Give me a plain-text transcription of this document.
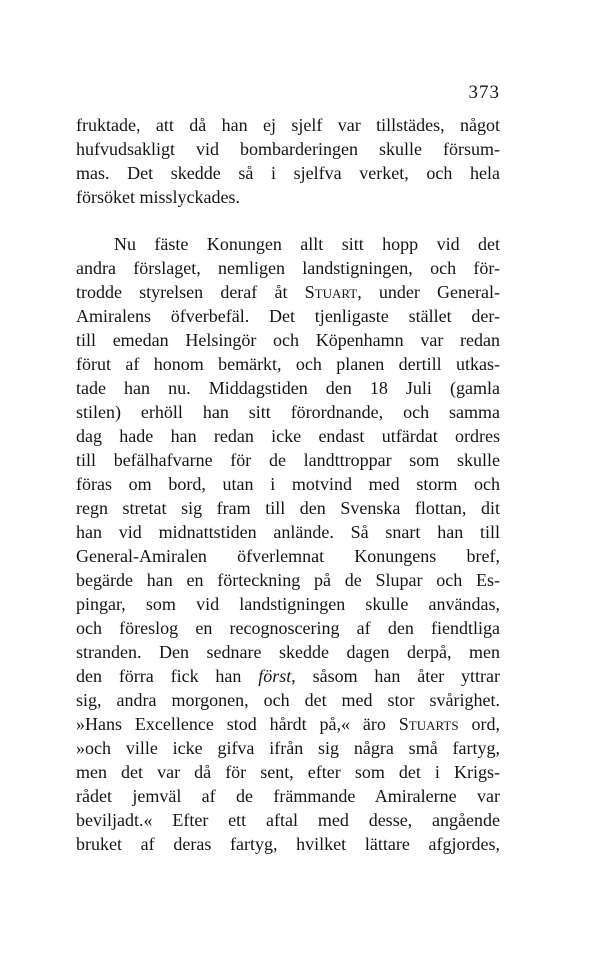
373
fruktade, att då han ej sjelf var tillstädes, något
hufvudsakligt vid bombarderingen skulle försum-
mas. Det skedde så i sjelfva verket, och hela
försöket misslyckades.
Nu fäste Konungen allt sitt hopp vid det
andra förslaget, nemligen landstigningen, och för-
trodde styrelsen deraf åt Stuart, under General-
Amiralens öfverbefäl. Det tjenligaste stället der-
till emedan Helsingör och Köpenhamn var redan
förut af honom bemärkt, och planen dertill utkas-
tade han nu. Middagstiden den 18 Juli (gamla
stilen) erhöll han sitt förordnande, och samma
dag hade han redan icke endast utfärdat ordres
till befälhafvarne för de landttroppar som skulle
föras om bord, utan i motvind med storm och
regn stretat sig fram till den Svenska flottan, dit
han vid midnattstiden anlände. Så snart han till
General-Amiralen öfverlemnat Konungens bref,
begärde han en förteckning på de Slupar och Es-
pingar, som vid landstigningen skulle användas,
och föreslog en recognoscering af den fiendtliga
stranden. Den sednare skedde dagen derpå, men
den förra fick han först, såsom han åter yttrar
sig, andra morgonen, och det med stor svårighet.
»Hans Excellence stod hårdt på,« äro Stuarts ord,
»och ville icke gifva ifrån sig några små fartyg,
men det var då för sent, efter som det i Krigs-
rådet jemväl af de främmande Amiralerne var
beviljadt.« Efter ett aftal med desse, angående
bruket af deras fartyg, hvilket lättare afgjordes,
